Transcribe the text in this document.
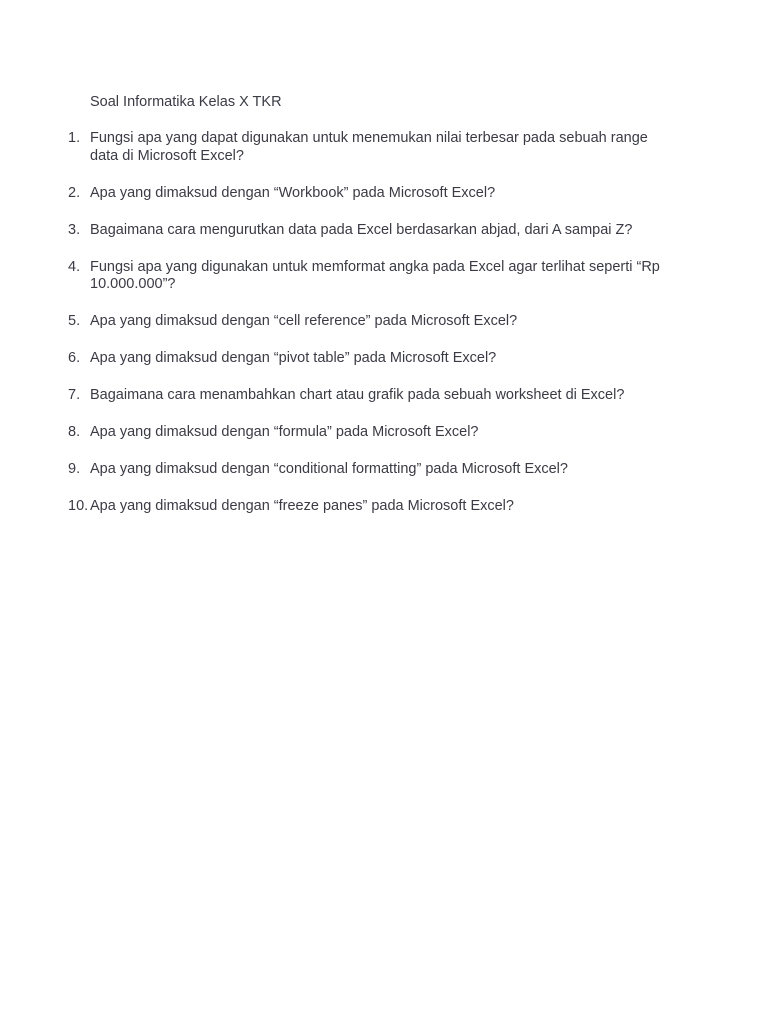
Soal Informatika Kelas X TKR
1. Fungsi apa yang dapat digunakan untuk menemukan nilai terbesar pada sebuah range data di Microsoft Excel?
2. Apa yang dimaksud dengan “Workbook” pada Microsoft Excel?
3. Bagaimana cara mengurutkan data pada Excel berdasarkan abjad, dari A sampai Z?
4. Fungsi apa yang digunakan untuk memformat angka pada Excel agar terlihat seperti “Rp 10.000.000”?
5. Apa yang dimaksud dengan “cell reference” pada Microsoft Excel?
6. Apa yang dimaksud dengan “pivot table” pada Microsoft Excel?
7. Bagaimana cara menambahkan chart atau grafik pada sebuah worksheet di Excel?
8. Apa yang dimaksud dengan “formula” pada Microsoft Excel?
9. Apa yang dimaksud dengan “conditional formatting” pada Microsoft Excel?
10. Apa yang dimaksud dengan “freeze panes” pada Microsoft Excel?
